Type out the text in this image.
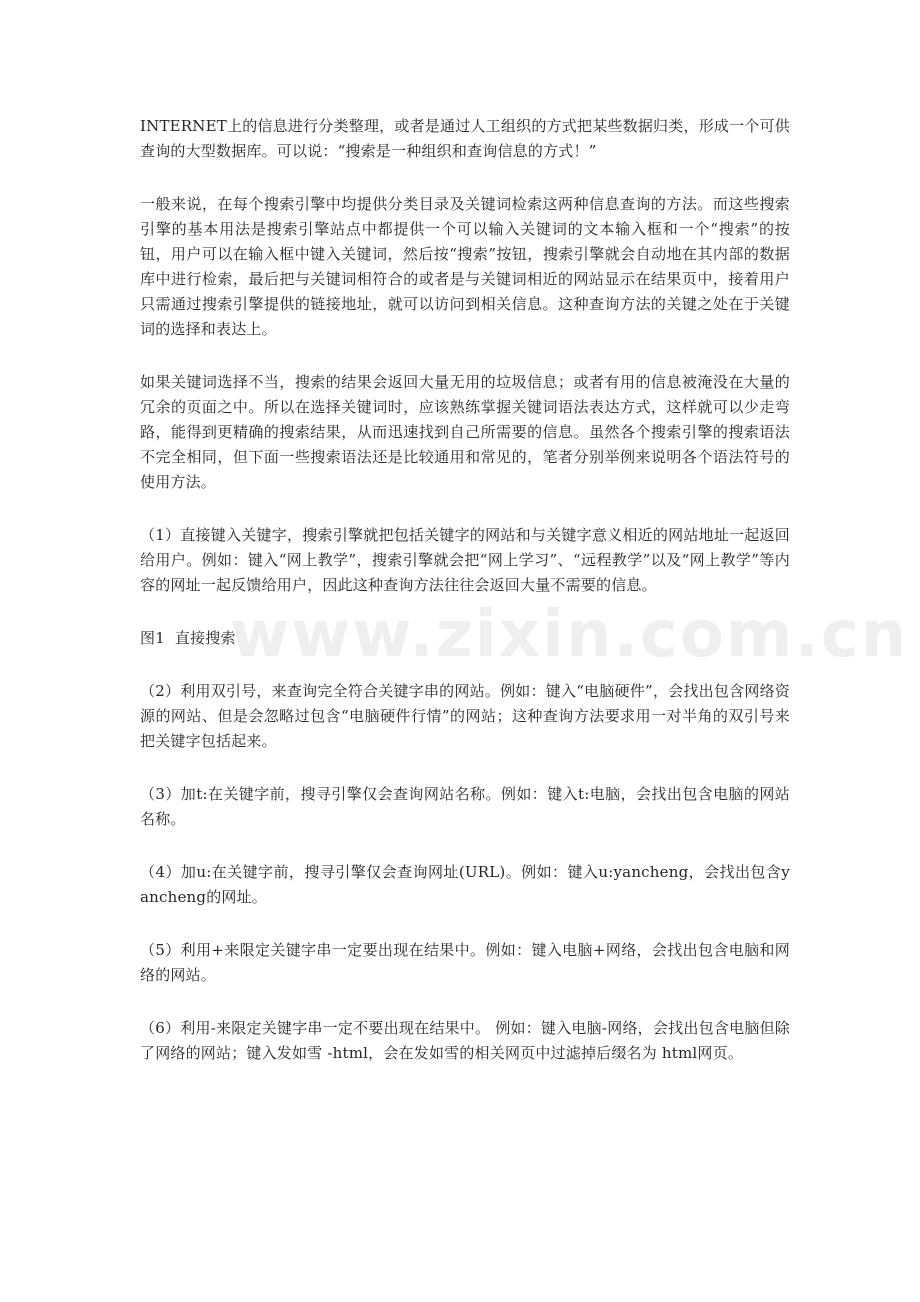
INTERNET上的信息进行分类整理，或者是通过人工组织的方式把某些数据归类，形成一个可供查询的大型数据库。可以说：“搜索是一种组织和查询信息的方式！”

一般来说，在每个搜索引擎中均提供分类目录及关键词检索这两种信息查询的方法。而这些搜索引擎的基本用法是搜索引擎站点中都提供一个可以输入关键词的文本输入框和一个“搜索”的按钮，用户可以在输入框中键入关键词，然后按“搜索”按钮，搜索引擎就会自动地在其内部的数据库中进行检索，最后把与关键词相符合的或者是与关键词相近的网站显示在结果页中，接着用户只需通过搜索引擎提供的链接地址，就可以访问到相关信息。这种查询方法的关键之处在于关键词的选择和表达上。

如果关键词选择不当，搜索的结果会返回大量无用的垃圾信息；或者有用的信息被淹没在大量的冗余的页面之中。所以在选择关键词时，应该熟练掌握关键词语法表达方式，这样就可以少走弯路，能得到更精确的搜索结果，从而迅速找到自己所需要的信息。虽然各个搜索引擎的搜索语法不完全相同，但下面一些搜索语法还是比较通用和常见的，笔者分别举例来说明各个语法符号的使用方法。

（1）直接键入关键字，搜索引擎就把包括关键字的网站和与关键字意义相近的网站地址一起返回给用户。例如：键入“网上教学”，搜索引擎就会把“网上学习”、“远程教学”以及“网上教学”等内容的网址一起反馈给用户，因此这种查询方法往往会返回大量不需要的信息。

图1  直接搜索

（2）利用双引号，来查询完全符合关键字串的网站。例如：键入“电脑硬件”，会找出包含网络资源的网站、但是会忽略过包含“电脑硬件行情”的网站；这种查询方法要求用一对半角的双引号来把关键字包括起来。

（3）加t:在关键字前，搜寻引擎仅会查询网站名称。例如：键入t:电脑，会找出包含电脑的网站名称。

（4）加u:在关键字前，搜寻引擎仅会查询网址(URL)。例如：键入u:yancheng，会找出包含yancheng的网址。

（5）利用+来限定关键字串一定要出现在结果中。例如：键入电脑+网络，会找出包含电脑和网络的网站。

（6）利用-来限定关键字串一定不要出现在结果中。 例如：键入电脑-网络，会找出包含电脑但除了网络的网站；键入发如雪 -html，会在发如雪的相关网页中过滤掉后缀名为 html网页。

www.zixin.com.cn
